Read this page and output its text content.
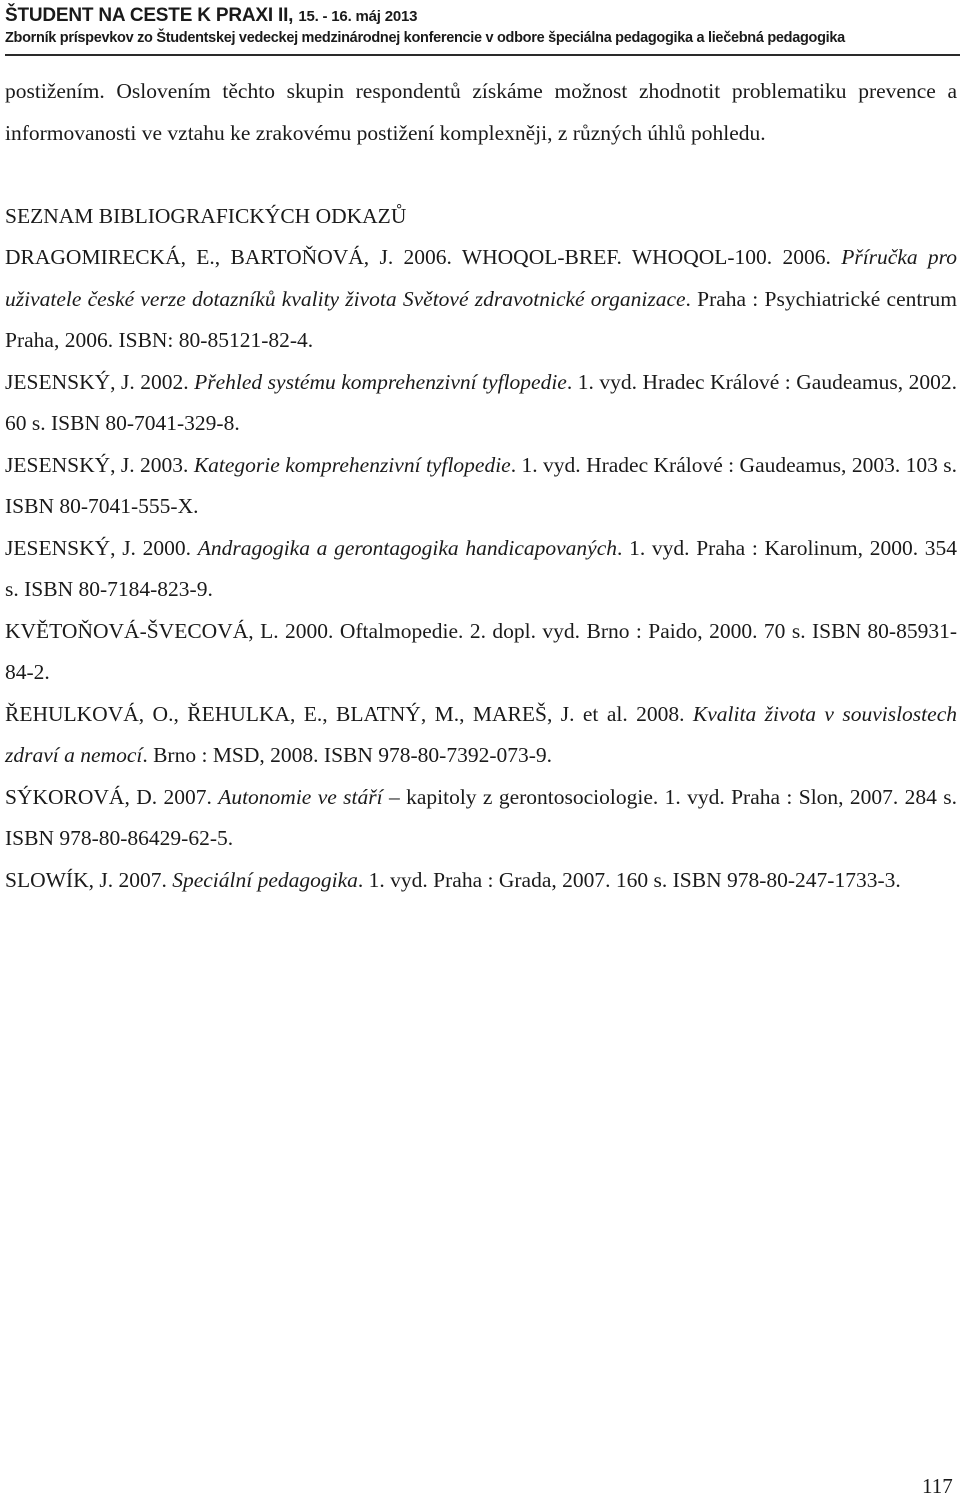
ŠTUDENT NA CESTE K PRAXI II, 15. - 16. máj 2013
Zborník príspevkov zo Študentskej vedeckej medzinárodnej konferencie v odbore špeciálna pedagogika a liečebná pedagogika

postižením. Oslovením těchto skupin respondentů získáme možnost zhodnotit problematiku prevence a informovanosti ve vztahu ke zrakovému postižení komplexněji, z různých úhlů pohledu.

SEZNAM BIBLIOGRAFICKÝCH ODKAZŮ

DRAGOMIRECKÁ, E., BARTOŇOVÁ, J. 2006. WHOQOL-BREF. WHOQOL-100. 2006. Příručka pro uživatele české verze dotazníků kvality života Světové zdravotnické organizace. Praha : Psychiatrické centrum Praha, 2006. ISBN: 80-85121-82-4.

JESENSKÝ, J. 2002. Přehled systému komprehenzivní tyflopedie. 1. vyd. Hradec Králové : Gaudeamus, 2002. 60 s. ISBN 80-7041-329-8.

JESENSKÝ, J. 2003. Kategorie komprehenzivní tyflopedie. 1. vyd. Hradec Králové : Gaudeamus, 2003. 103 s. ISBN 80-7041-555-X.

JESENSKÝ, J. 2000. Andragogika a gerontagogika handicapovaných. 1. vyd. Praha : Karolinum, 2000. 354 s. ISBN 80-7184-823-9.

KVĚTOŇOVÁ-ŠVECOVÁ, L. 2000. Oftalmopedie. 2. dopl. vyd. Brno : Paido, 2000. 70 s. ISBN 80-85931-84-2.

ŘEHULKOVÁ, O., ŘEHULKA, E., BLATNÝ, M., MAREŠ, J. et al. 2008. Kvalita života v souvislostech zdraví a nemocí. Brno : MSD, 2008. ISBN 978-80-7392-073-9.

SÝKOROVÁ, D. 2007. Autonomie ve stáří – kapitoly z gerontosociologie. 1. vyd. Praha : Slon, 2007. 284 s. ISBN 978-80-86429-62-5.

SLOWÍK, J. 2007. Speciální pedagogika. 1. vyd. Praha : Grada, 2007. 160 s. ISBN 978-80-247-1733-3.

117
